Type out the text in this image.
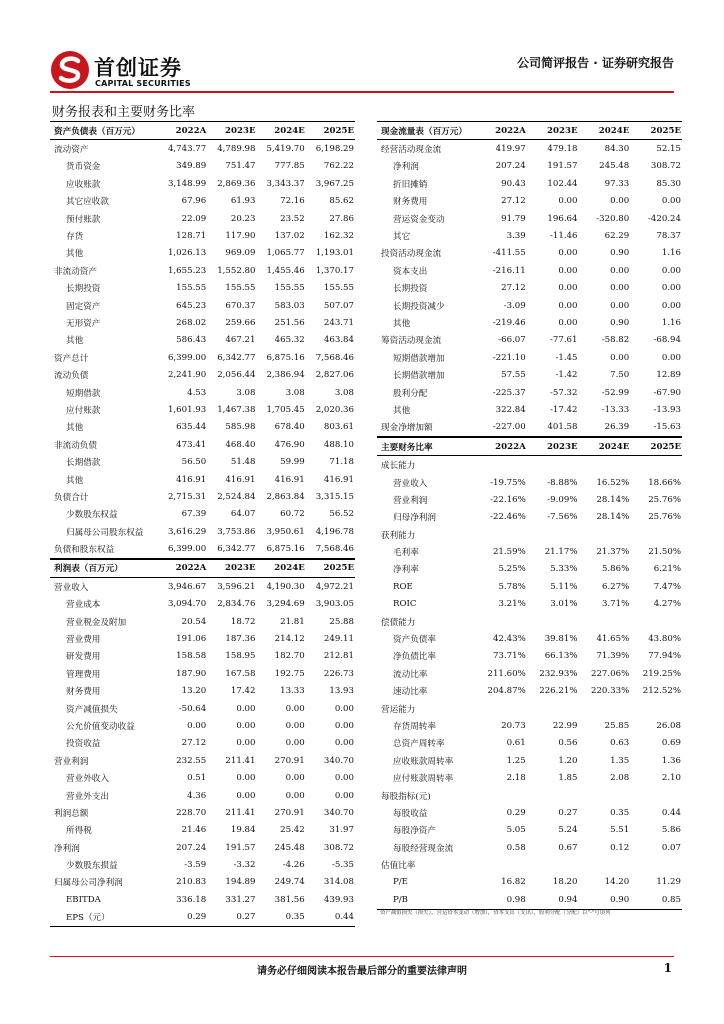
首创证券
CAPITAL SECURITIES
公司简评报告 · 证券研究报告
财务报表和主要财务比率
资产负债表（百万元）	2022A	2023E	2024E	2025E
流动资产	4,743.77	4,789.98	5,419.70	6,198.29
货币资金	349.89	751.47	777.85	762.22
应收账款	3,148.99	2,869.36	3,343.37	3,967.25
其它应收款	67.96	61.93	72.16	85.62
预付账款	22.09	20.23	23.52	27.86
存货	128.71	117.90	137.02	162.32
其他	1,026.13	969.09	1,065.77	1,193.01
非流动资产	1,655.23	1,552.80	1,455.46	1,370.17
长期投资	155.55	155.55	155.55	155.55
固定资产	645.23	670.37	583.03	507.07
无形资产	268.02	259.66	251.56	243.71
其他	586.43	467.21	465.32	463.84
资产总计	6,399.00	6,342.77	6,875.16	7,568.46
流动负债	2,241.90	2,056.44	2,386.94	2,827.06
短期借款	4.53	3.08	3.08	3.08
应付账款	1,601.93	1,467.38	1,705.45	2,020.36
其他	635.44	585.98	678.40	803.61
非流动负债	473.41	468.40	476.90	488.10
长期借款	56.50	51.48	59.99	71.18
其他	416.91	416.91	416.91	416.91
负债合计	2,715.31	2,524.84	2,863.84	3,315.15
少数股东权益	67.39	64.07	60.72	56.52
归属母公司股东权益	3,616.29	3,753.86	3,950.61	4,196.78
负债和股东权益	6,399.00	6,342.77	6,875.16	7,568.46
利润表（百万元）	2022A	2023E	2024E	2025E
营业收入	3,946.67	3,596.21	4,190.30	4,972.21
营业成本	3,094.70	2,834.76	3,294.69	3,903.05
营业税金及附加	20.54	18.72	21.81	25.88
营业费用	191.06	187.36	214.12	249.11
研发费用	158.58	158.95	182.70	212.81
管理费用	187.90	167.58	192.75	226.73
财务费用	13.20	17.42	13.33	13.93
资产减值损失	-50.64	0.00	0.00	0.00
公允价值变动收益	0.00	0.00	0.00	0.00
投资收益	27.12	0.00	0.00	0.00
营业利润	232.55	211.41	270.91	340.70
营业外收入	0.51	0.00	0.00	0.00
营业外支出	4.36	0.00	0.00	0.00
利润总额	228.70	211.41	270.91	340.70
所得税	21.46	19.84	25.42	31.97
净利润	207.24	191.57	245.48	308.72
少数股东损益	-3.59	-3.32	-4.26	-5.35
归属母公司净利润	210.83	194.89	249.74	314.08
EBITDA	336.18	331.27	381.56	439.93
EPS（元）	0.29	0.27	0.35	0.44
现金流量表（百万元）	2022A	2023E	2024E	2025E
经营活动现金流	419.97	479.18	84.30	52.15
净利润	207.24	191.57	245.48	308.72
折旧摊销	90.43	102.44	97.33	85.30
财务费用	27.12	0.00	0.00	0.00
营运资金变动	91.79	196.64	-320.80	-420.24
其它	3.39	-11.46	62.29	78.37
投资活动现金流	-411.55	0.00	0.90	1.16
资本支出	-216.11	0.00	0.00	0.00
长期投资	27.12	0.00	0.00	0.00
长期投资减少	-3.09	0.00	0.00	0.00
其他	-219.46	0.00	0.90	1.16
筹资活动现金流	-66.07	-77.61	-58.82	-68.94
短期借款增加	-221.10	-1.45	0.00	0.00
长期借款增加	57.55	-1.42	7.50	12.89
股利分配	-225.37	-57.32	-52.99	-67.90
其他	322.84	-17.42	-13.33	-13.93
现金净增加额	-227.00	401.58	26.39	-15.63
主要财务比率	2022A	2023E	2024E	2025E
成长能力				
营业收入	-19.75%	-8.88%	16.52%	18.66%
营业利润	-22.16%	-9.09%	28.14%	25.76%
归母净利润	-22.46%	-7.56%	28.14%	25.76%
获利能力				
毛利率	21.59%	21.17%	21.37%	21.50%
净利率	5.25%	5.33%	5.86%	6.21%
ROE	5.78%	5.11%	6.27%	7.47%
ROIC	3.21%	3.01%	3.71%	4.27%
偿债能力				
资产负债率	42.43%	39.81%	41.65%	43.80%
净负债比率	73.71%	66.13%	71.39%	77.94%
流动比率	211.60%	232.93%	227.06%	219.25%
速动比率	204.87%	226.21%	220.33%	212.52%
营运能力				
存货周转率	20.73	22.99	25.85	26.08
总资产周转率	0.61	0.56	0.63	0.69
应收账款周转率	1.25	1.20	1.35	1.36
应付账款周转率	2.18	1.85	2.08	2.10
每股指标(元)				
每股收益	0.29	0.27	0.35	0.44
每股净资产	5.05	5.24	5.51	5.86
每股经营现金流	0.58	0.67	0.12	0.07
估值比率				
P/E	16.82	18.20	14.20	11.29
P/B	0.98	0.94	0.90	0.85
资产减值损失（损失），营运资本变动（增加），资本支出（支出），股利分配（分配）以"-"号填列
请务必仔细阅读本报告最后部分的重要法律声明	1
